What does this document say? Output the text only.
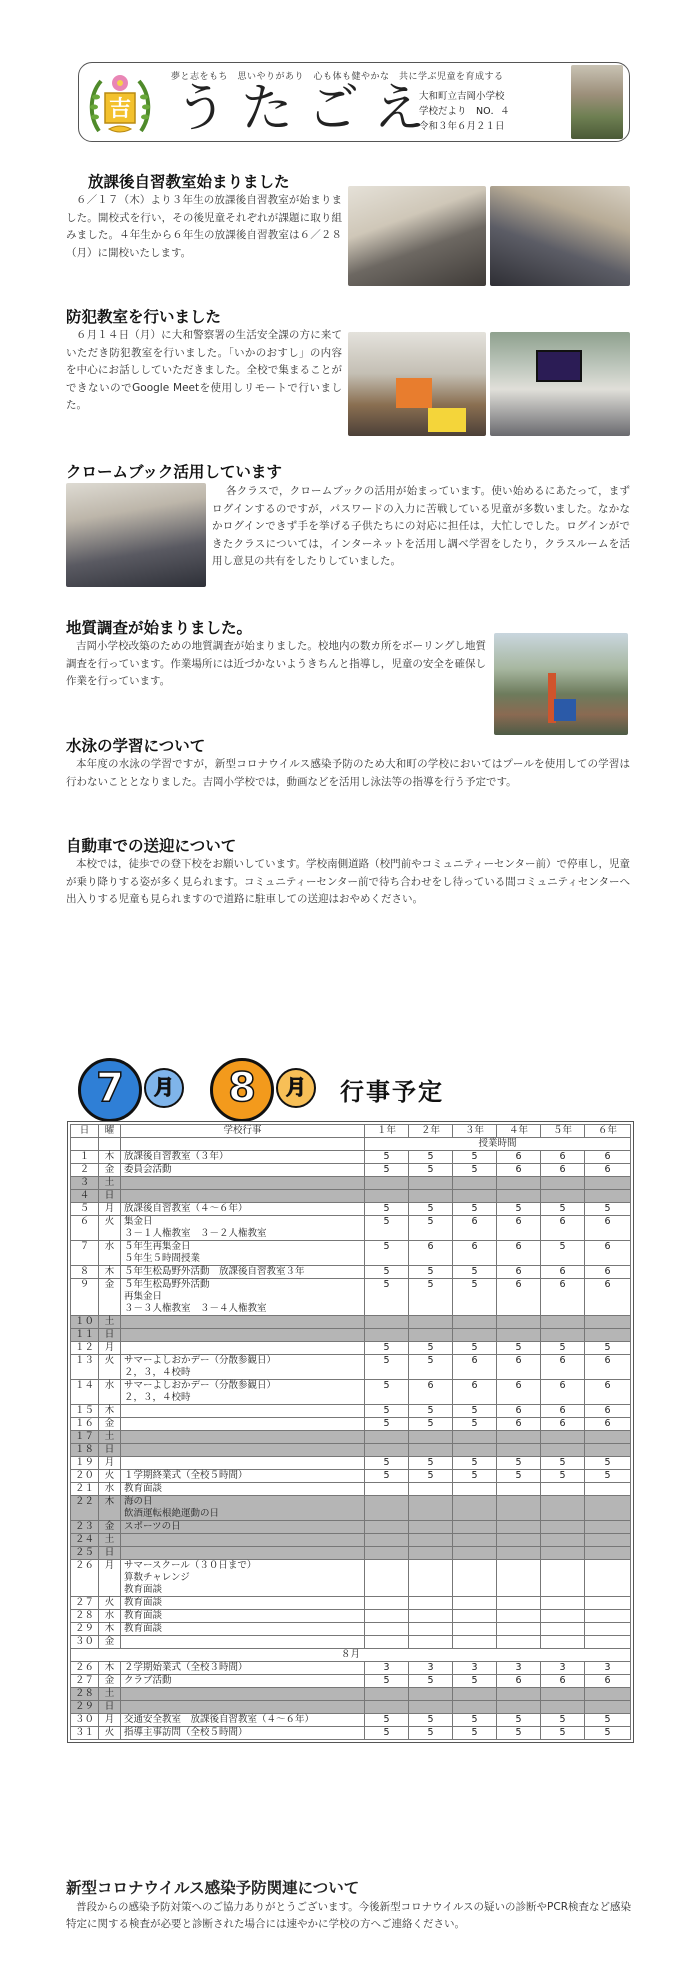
吉
夢と志をもち　思いやりがあり　心も体も健やかな　共に学ぶ児童を育成する
うたごえ
大和町立吉岡小学校
学校だより　NO．４
令和３年６月２１日
放課後自習教室始まりました
６／１７（木）より３年生の放課後自習教室が始まりました。開校式を行い，その後児童それぞれが課題に取り組みました。４年生から６年生の放課後自習教室は６／２８（月）に開校いたします。
防犯教室を行いました
６月１４日（月）に大和警察署の生活安全課の方に来ていただき防犯教室を行いました。「いかのおすし」の内容を中心にお話ししていただきました。全校で集まることができないのでGoogle Meetを使用しリモートで行いました。
クロームブック活用しています
各クラスで，クロームブックの活用が始まっています。使い始めるにあたって，まずログインするのですが，パスワードの入力に苦戦している児童が多数いました。なかなかログインできず手を挙げる子供たちにの対応に担任は，大忙しでした。ログインができたクラスについては，インターネットを活用し調べ学習をしたり，クラスルームを活用し意見の共有をしたりしていました。
地質調査が始まりました。
吉岡小学校改築のための地質調査が始まりました。校地内の数カ所をボーリングし地質調査を行っています。作業場所には近づかないようきちんと指導し，児童の安全を確保し作業を行っています。
水泳の学習について
本年度の水泳の学習ですが，新型コロナウイルス感染予防のため大和町の学校においてはプールを使用しての学習は行わないこととなりました。吉岡小学校では，動画などを活用し泳法等の指導を行う予定です。
自動車での送迎について
本校では，徒歩での登下校をお願いしています。学校南側道路（校門前やコミュニティーセンター前）で停車し，児童が乗り降りする姿が多く見られます。コミュニティーセンター前で待ち合わせをし待っている間コミュニティセンターへ出入りする児童も見られますので道路に駐車しての送迎はおやめください。
7	月	8	月	行事予定
日	曜	学校行事	１年	２年	３年	４年	５年	６年
			授業時間					
１	木	放課後自習教室（３年）	5	5	5	6	6	6
２	金	委員会活動	5	5	5	6	6	6
３	土							
４	日							
５	月	放課後自習教室（４～６年）	5	5	5	5	5	5
６	火	集金日
３－１人権教室　３－２人権教室	5	5	6	6	6	6
７	水	５年生再集金日
５年生５時間授業	5	6	6	6	5	6
８	木	５年生松島野外活動　放課後自習教室３年	5	5	5	6	6	6
９	金	５年生松島野外活動
再集金日
３－３人権教室　３－４人権教室	5	5	5	6	6	6
１０	土							
１１	日							
１２	月		5	5	5	5	5	5
１３	火	サマーよしおかデー（分散参観日）
２，３，４校時	5	5	6	6	6	6
１４	水	サマーよしおかデー（分散参観日）
２，３，４校時	5	6	6	6	6	6
１５	木		5	5	5	6	6	6
１６	金		5	5	5	6	6	6
１７	土							
１８	日							
１９	月		5	5	5	5	5	5
２０	火	１学期終業式（全校５時間）	5	5	5	5	5	5
２１	水	教育面談						
２２	木	海の日
飲酒運転根絶運動の日						
２３	金	スポーツの日						
２４	土							
２５	日							
２６	月	サマースクール（３０日まで）
算数チャレンジ
教育面談						
２７	火	教育面談						
２８	水	教育面談						
２９	木	教育面談						
３０	金							
８月								
２６	木	２学期始業式（全校３時間）	3	3	3	3	3	3
２７	金	クラブ活動	5	5	5	6	6	6
２８	土							
２９	日							
３０	月	交通安全教室　放課後自習教室（４～６年）	5	5	5	5	5	5
３１	火	指導主事訪問（全校５時間）	5	5	5	5	5	5
新型コロナウイルス感染予防関連について
普段からの感染予防対策へのご協力ありがとうございます。今後新型コロナウイルスの疑いの診断やPCR検査など感染特定に関する検査が必要と診断された場合には速やかに学校の方へご連絡ください。
